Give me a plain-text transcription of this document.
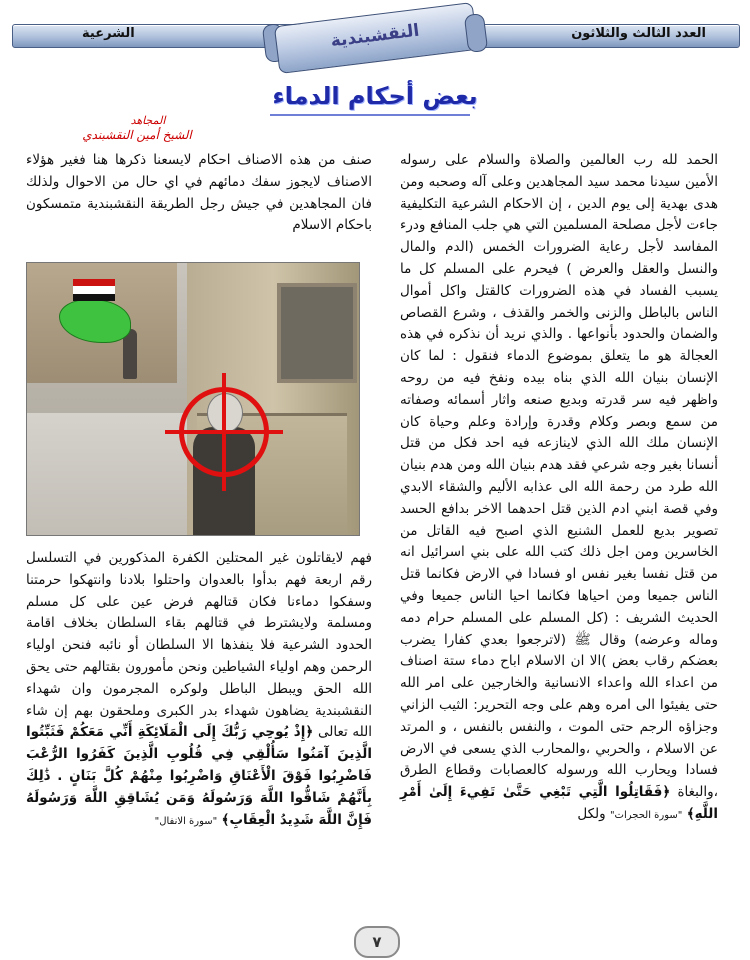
الشرعية	العدد الثالث والثلاثون
النقشبندية
بعض أحكام الدماء
المجاهد
الشيخ أمين النقشبندي

الحمد لله رب العالمين والصلاة والسلام على رسوله الأمين سيدنا محمد سيد المجاهدين وعلى آله وصحبه ومن هدى بهدية إلى يوم الدين ، إن الاحكام الشرعية التكليفية جاءت لأجل مصلحة المسلمين التي هي جلب المنافع ودرء المفاسد لأجل رعاية الضرورات الخمس (الدم والمال والنسل والعقل والعرض ) فيحرم على المسلم كل ما يسبب الفساد في هذه الضرورات كالقتل واكل أموال الناس بالباطل والزنى والخمر والقذف ، وشرع القصاص والضمان والحدود بأنواعها . والذي نريد أن نذكره في هذه العجالة هو ما يتعلق بموضوع الدماء فنقول : لما كان الإنسان بنيان الله الذي بناه بيده ونفخ فيه من روحه واظهر فيه سر قدرته وبديع صنعه واثار أسمائه وصفاته من سمع وبصر وكلام وقدرة وإرادة وعلم وحياة كان الإنسان ملك الله الذي لاينازعه فيه احد فكل من قتل أنسانا بغير وجه شرعي فقد هدم بنيان الله ومن هدم بنيان الله طرد من رحمة الله الى عذابه الأليم والشقاء الابدي وفي قصة ابني ادم الذين قتل احدهما الاخر بدافع الحسد تصوير بديع للعمل الشنيع الذي اصبح فيه القاتل من الخاسرين ومن اجل ذلك كتب الله على بني اسرائيل انه من قتل نفسا بغير نفس او فسادا في الارض فكانما قتل الناس جميعا ومن احياها فكانما احيا الناس جميعا وفي الحديث الشريف : (كل المسلم على المسلم حرام دمه وماله وعرضه) وقال ﷺ (لاترجعوا بعدي كفارا يضرب بعضكم رقاب بعض )الا ان الاسلام اباح دماء ستة اصناف من اعداء الله واعداء الانسانية والخارجين على امر الله حتى يفيئوا الى امره وهم على وجه التحرير: الثيب الزاني وجزاؤه الرجم حتى الموت ، والنفس بالنفس ، و المرتد عن الاسلام ، والحربي ،والمحارب الذي يسعى في الارض فسادا ويحارب الله ورسوله كالعصابات وقطاع الطرق ،والبغاة ﴿فَقَاتِلُوا الَّتِي تَبْغِي حَتَّىٰ تَفِيءَ إِلَىٰ أَمْرِ اللَّهِ﴾ "سورة الحجرات" ولكل

صنف من هذه الاصناف احكام لايسعنا ذكرها هنا فغير هؤلاء الاصناف لايجوز سفك دمائهم في اي حال من الاحوال ولذلك فان المجاهدين في جيش رجل الطريقة النقشبندية متمسكون باحكام الاسلام

فهم لايقاتلون غير المحتلين الكفرة المذكورين في التسلسل رقم اربعة فهم بدأوا بالعدوان واحتلوا بلادنا وانتهكوا حرمتنا وسفكوا دماءنا فكان قتالهم فرض عين على كل مسلم ومسلمة ولايشترط في قتالهم بقاء السلطان بخلاف اقامة الحدود الشرعية فلا ينفذها الا السلطان أو نائبه فنحن اولياء الرحمن وهم اولياء الشياطين ونحن مأمورون بقتالهم حتى يحق الله الحق ويبطل الباطل ولوكره المجرمون وان شهداء النقشبندية يضاهون شهداء بدر الكبرى وملحقون بهم إن شاء الله تعالى ﴿إِذْ يُوحِي رَبُّكَ إِلَى الْمَلَائِكَةِ أَنِّي مَعَكُمْ فَثَبِّتُوا الَّذِينَ آمَنُوا سَأُلْقِي فِي قُلُوبِ الَّذِينَ كَفَرُوا الرُّعْبَ فَاضْرِبُوا فَوْقَ الْأَعْنَاقِ وَاضْرِبُوا مِنْهُمْ كُلَّ بَنَانٍ . ذَٰلِكَ بِأَنَّهُمْ شَاقُّوا اللَّهَ وَرَسُولَهُ وَمَن يُشَاقِقِ اللَّهَ وَرَسُولَهُ فَإِنَّ اللَّهَ شَدِيدُ الْعِقَابِ﴾ "سورة الانفال"

٧
